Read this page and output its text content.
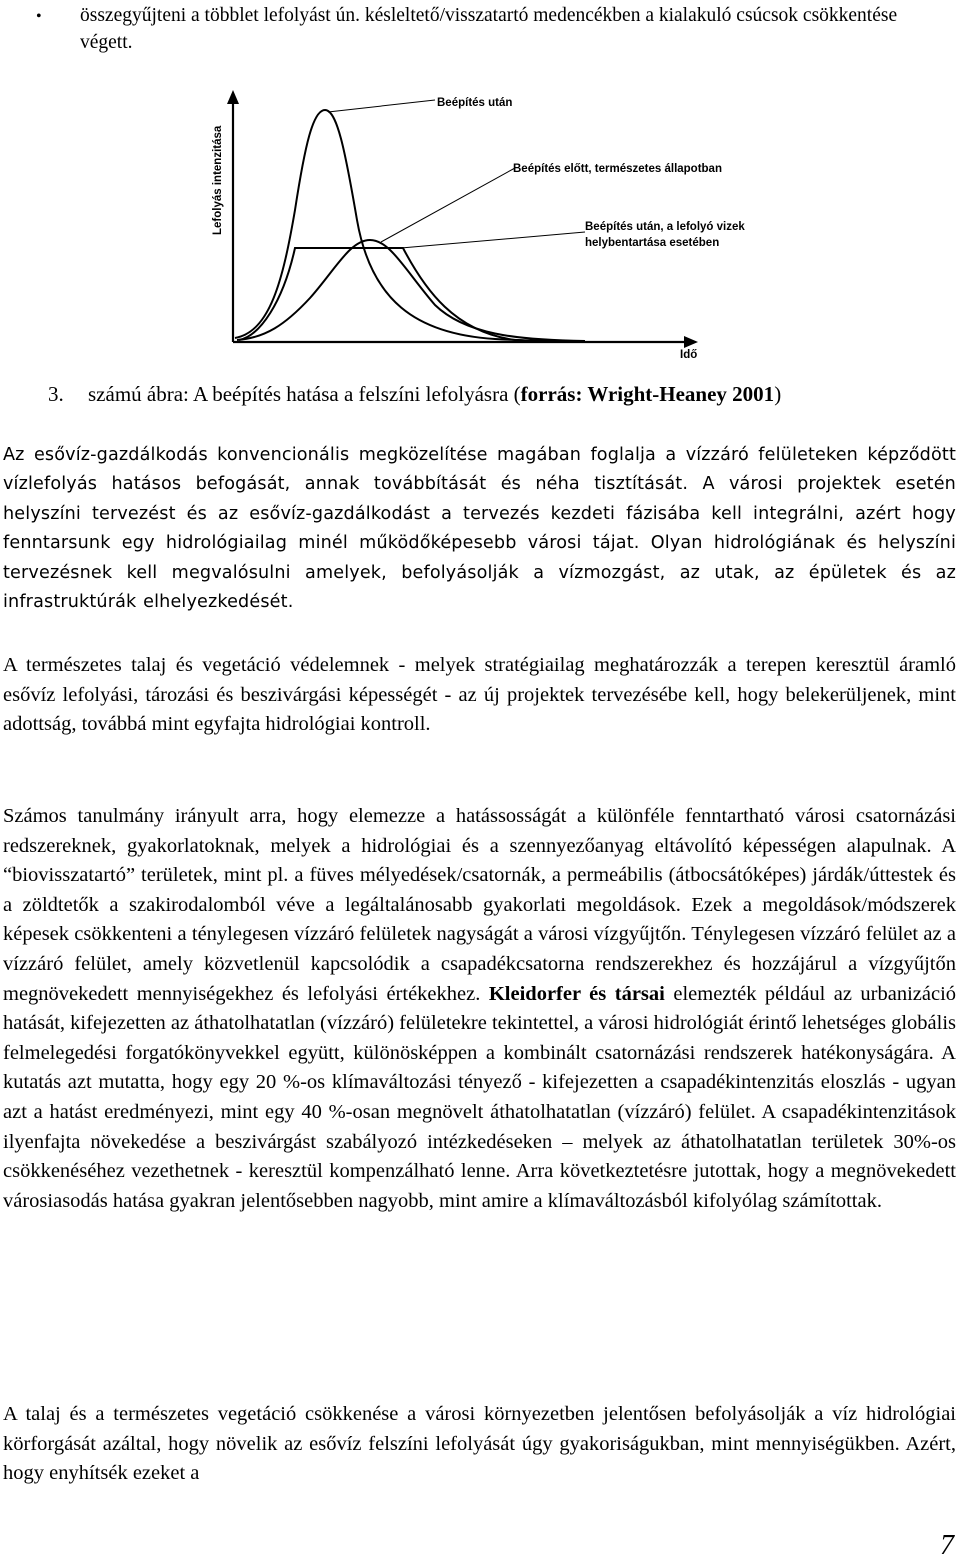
• összegyűjteni a többlet lefolyást ún. késleltető/visszatartó medencékben a kialakuló csúcsok csökkentése végett.
Lefolyás intenzitása
Beépítés után
Beépítés előtt, természetes állapotban
Beépítés után, a lefolyó vizek
helybentartása esetében
Idő
3. számú ábra: A beépítés hatása a felszíni lefolyásra (forrás: Wright-Heaney 2001)

Az esővíz-gazdálkodás konvencionális megközelítése magában foglalja a vízzáró felületeken képződött vízlefolyás hatásos befogását, annak továbbítását és néha tisztítását. A városi projektek esetén helyszíni tervezést és az esővíz-gazdálkodást a tervezés kezdeti fázisába kell integrálni, azért hogy fenntarsunk egy hidrológiailag minél működőképesebb városi tájat. Olyan hidrológiának és helyszíni tervezésnek kell megvalósulni amelyek, befolyásolják a vízmozgást, az utak, az épületek és az infrastruktúrák elhelyezkedését.

A természetes talaj és vegetáció védelemnek - melyek stratégiailag meghatározzák a terepen keresztül áramló esővíz lefolyási, tározási és beszivárgási képességét - az új projektek tervezésébe kell, hogy belekerüljenek, mint adottság, továbbá mint egyfajta hidrológiai kontroll.

Számos tanulmány irányult arra, hogy elemezze a hatássosságát a különféle fenntartható városi csatornázási redszereknek, gyakorlatoknak, melyek a hidrológiai és a szennyezőanyag eltávolító képességen alapulnak. A “biovisszatartó” területek, mint pl. a füves mélyedések/csatornák, a permeábilis (átbocsátóképes) járdák/úttestek és a zöldtetők a szakirodalomból véve a legáltalánosabb gyakorlati megoldások. Ezek a megoldások/módszerek képesek csökkenteni a ténylegesen vízzáró felületek nagyságát a városi vízgyűjtőn. Ténylegesen vízzáró felület az a vízzáró felület, amely közvetlenül kapcsolódik a csapadékcsatorna rendszerekhez és hozzájárul a vízgyűjtőn megnövekedett mennyiségekhez és lefolyási értékekhez. Kleidorfer és társai elemezték például az urbanizáció hatását, kifejezetten az áthatolhatatlan (vízzáró) felületekre tekintettel, a városi hidrológiát érintő lehetséges globális felmelegedési forgatókönyvekkel együtt, különösképpen a kombinált csatornázási rendszerek hatékonyságára. A kutatás azt mutatta, hogy egy 20 %-os klímaváltozási tényező - kifejezetten a csapadékintenzitás eloszlás - ugyan azt a hatást eredményezi, mint egy 40 %-osan megnövelt áthatolhatatlan (vízzáró) felület. A csapadékintenzitások ilyenfajta növekedése a beszivárgást szabályozó intézkedéseken – melyek az áthatolhatatlan területek 30%-os csökkenéséhez vezethetnek - keresztül kompenzálható lenne. Arra következtetésre jutottak, hogy a megnövekedett városiasodás hatása gyakran jelentősebben nagyobb, mint amire a klímaváltozásból kifolyólag számítottak.

A talaj és a természetes vegetáció csökkenése a városi környezetben jelentősen befolyásolják a víz hidrológiai körforgását azáltal, hogy növelik az esővíz felszíni lefolyását úgy gyakoriságukban, mint mennyiségükben. Azért, hogy enyhítsék ezeket a

7
